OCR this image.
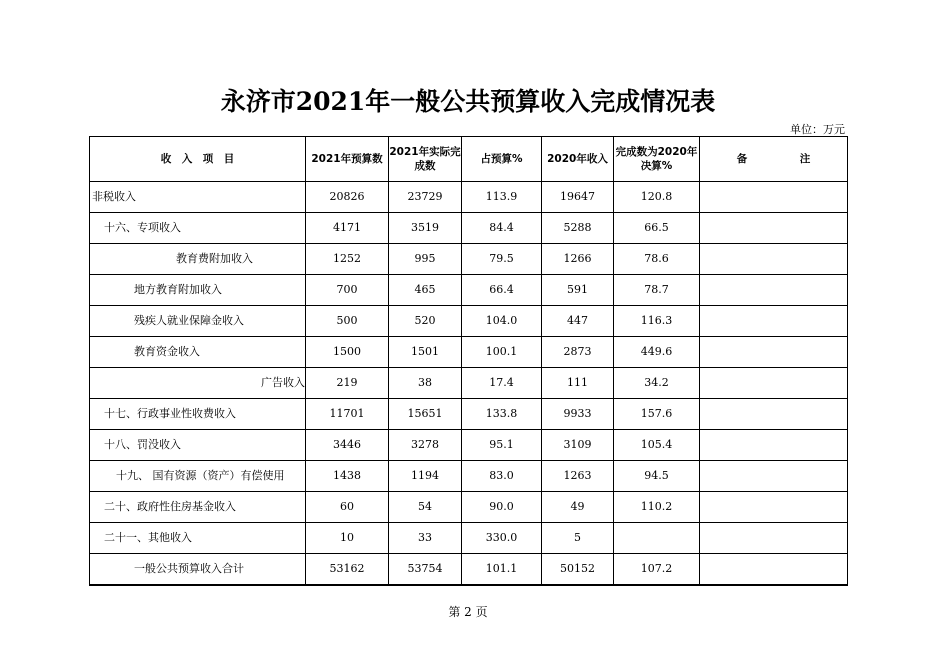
永济市2021年一般公共预算收入完成情况表
单位：万元
收　入　项　目	2021年预算数	2021年实际完成数	占预算%	2020年收入	完成数为2020年决算%	备　　　　　注
非税收入	20826	23729	113.9	19647	120.8	
十六、专项收入	4171	3519	84.4	5288	66.5	
教育费附加收入	1252	995	79.5	1266	78.6	
地方教育附加收入	700	465	66.4	591	78.7	
残疾人就业保障金收入	500	520	104.0	447	116.3	
教育资金收入	1500	1501	100.1	2873	449.6	
广告收入	219	38	17.4	111	34.2	
十七、行政事业性收费收入	11701	15651	133.8	9933	157.6	
十八、罚没收入	3446	3278	95.1	3109	105.4	
十九、 国有资源（资产）有偿使用	1438	1194	83.0	1263	94.5	
二十、政府性住房基金收入	60	54	90.0	49	110.2	
二十一、其他收入	10	33	330.0	5		
一般公共预算收入合计	53162	53754	101.1	50152	107.2	
第 2 页
